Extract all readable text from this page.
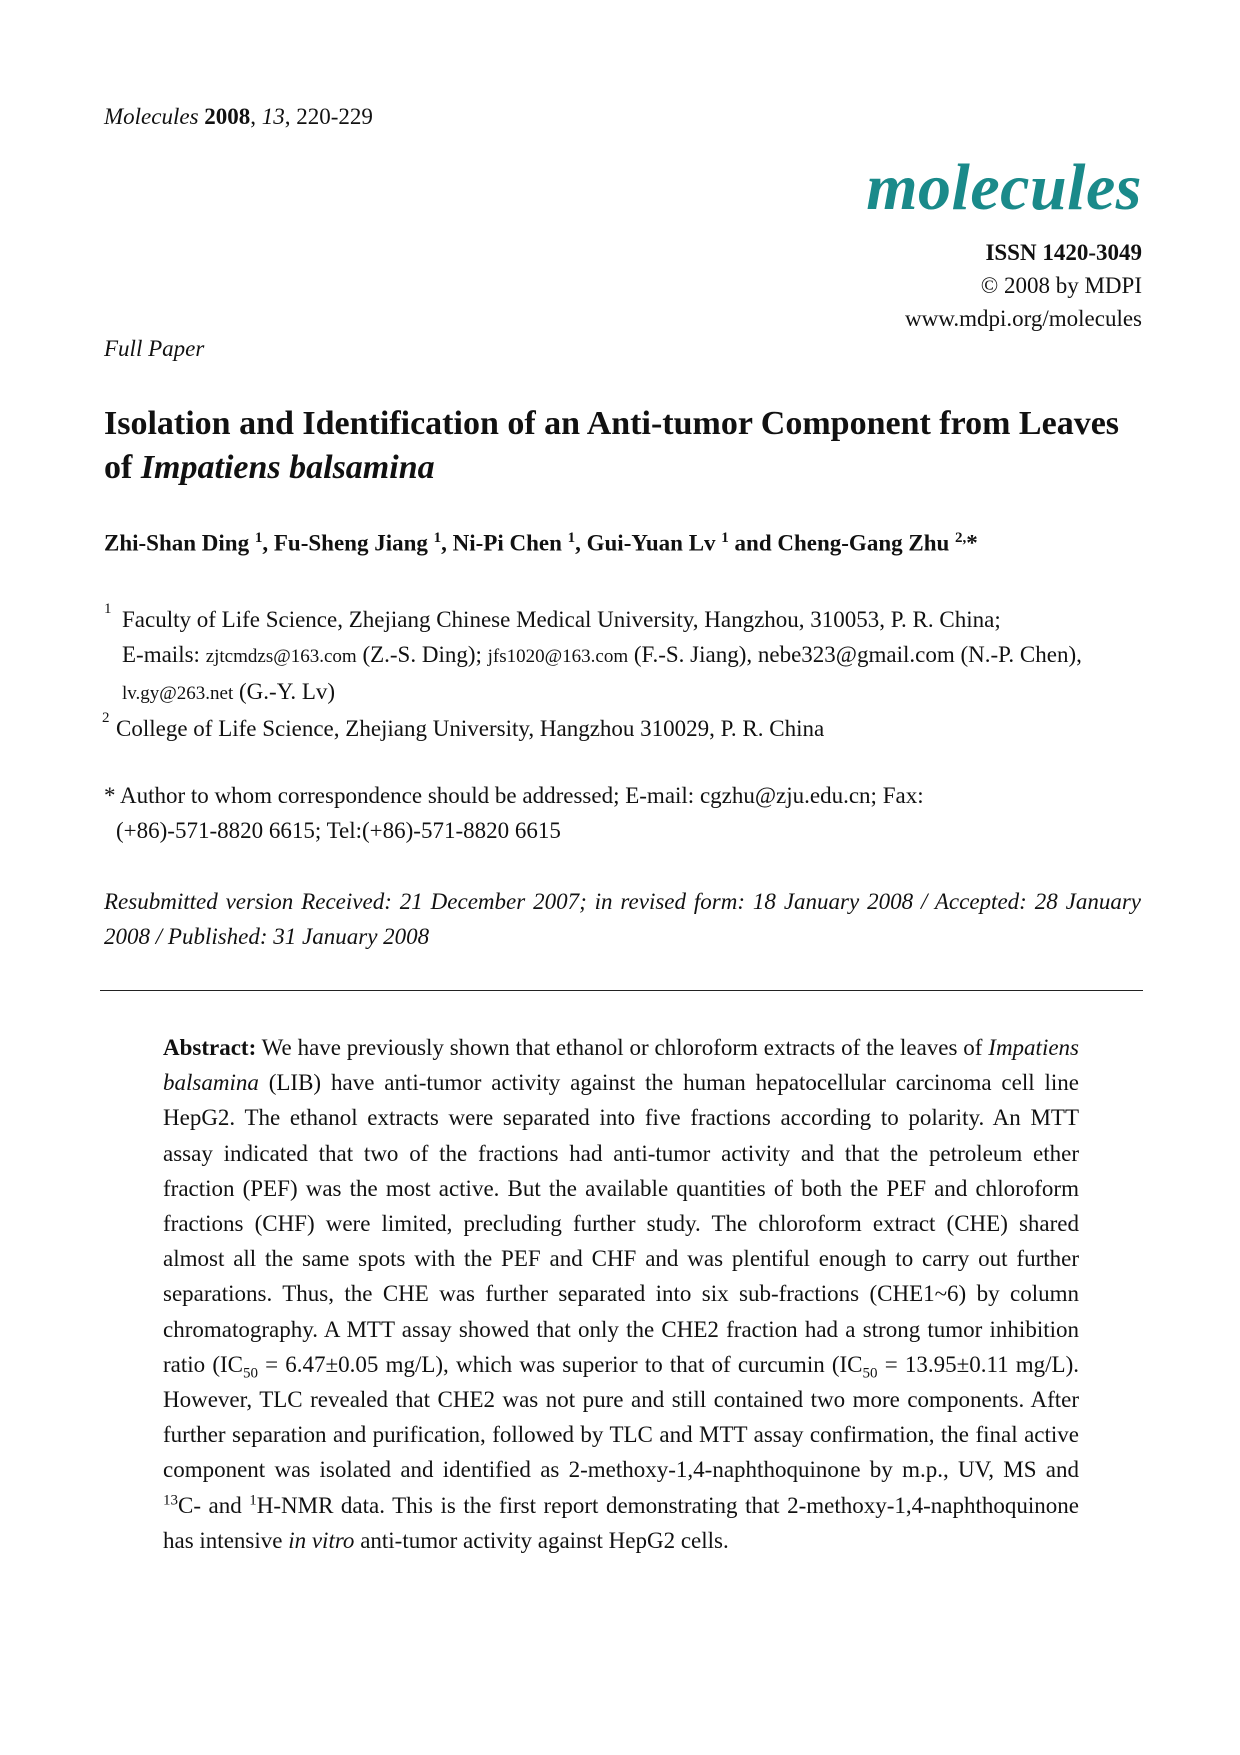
Molecules 2008, 13, 220-229
molecules
ISSN 1420-3049
© 2008 by MDPI
www.mdpi.org/molecules
Full Paper
Isolation and Identification of an Anti-tumor Component from Leaves of Impatiens balsamina
Zhi-Shan Ding $^1$, Fu-Sheng Jiang $^1$, Ni-Pi Chen $^1$, Gui-Yuan Lv $^1$ and Cheng-Gang Zhu $^{2,}$*
1 Faculty of Life Science, Zhejiang Chinese Medical University, Hangzhou, 310053, P. R. China;
E-mails: zjtcmdzs@163.com (Z.-S. Ding); jfs1020@163.com (F.-S. Jiang), nebe323@gmail.com (N.-P. Chen), lv.gy@263.net (G.-Y. Lv)
2 College of Life Science, Zhejiang University, Hangzhou 310029, P. R. China
* Author to whom correspondence should be addressed; E-mail: cgzhu@zju.edu.cn; Fax:
(+86)-571-8820 6615; Tel:(+86)-571-8820 6615
Resubmitted version Received: 21 December 2007; in revised form: 18 January 2008 / Accepted: 28 January 2008 / Published: 31 January 2008
Abstract: We have previously shown that ethanol or chloroform extracts of the leaves of Impatiens balsamina (LIB) have anti-tumor activity against the human hepatocellular carcinoma cell line HepG2. The ethanol extracts were separated into five fractions according to polarity. An MTT assay indicated that two of the fractions had anti-tumor activity and that the petroleum ether fraction (PEF) was the most active. But the available quantities of both the PEF and chloroform fractions (CHF) were limited, precluding further study. The chloroform extract (CHE) shared almost all the same spots with the PEF and CHF and was plentiful enough to carry out further separations. Thus, the CHE was further separated into six sub-fractions (CHE1~6) by column chromatography. A MTT assay showed that only the CHE2 fraction had a strong tumor inhibition ratio ($IC_{50} = 6.47\pm 0.05$ mg/L), which was superior to that of curcumin ($IC_{50} = 13.95\pm 0.11$ mg/L). However, TLC revealed that CHE2 was not pure and still contained two more components. After further separation and purification, followed by TLC and MTT assay confirmation, the final active component was isolated and identified as 2-methoxy-1,4-naphthoquinone by m.p., UV, MS and $^{13}$C- and $^1$H-NMR data. This is the first report demonstrating that 2-methoxy-1,4-naphthoquinone has intensive in vitro anti-tumor activity against HepG2 cells.
